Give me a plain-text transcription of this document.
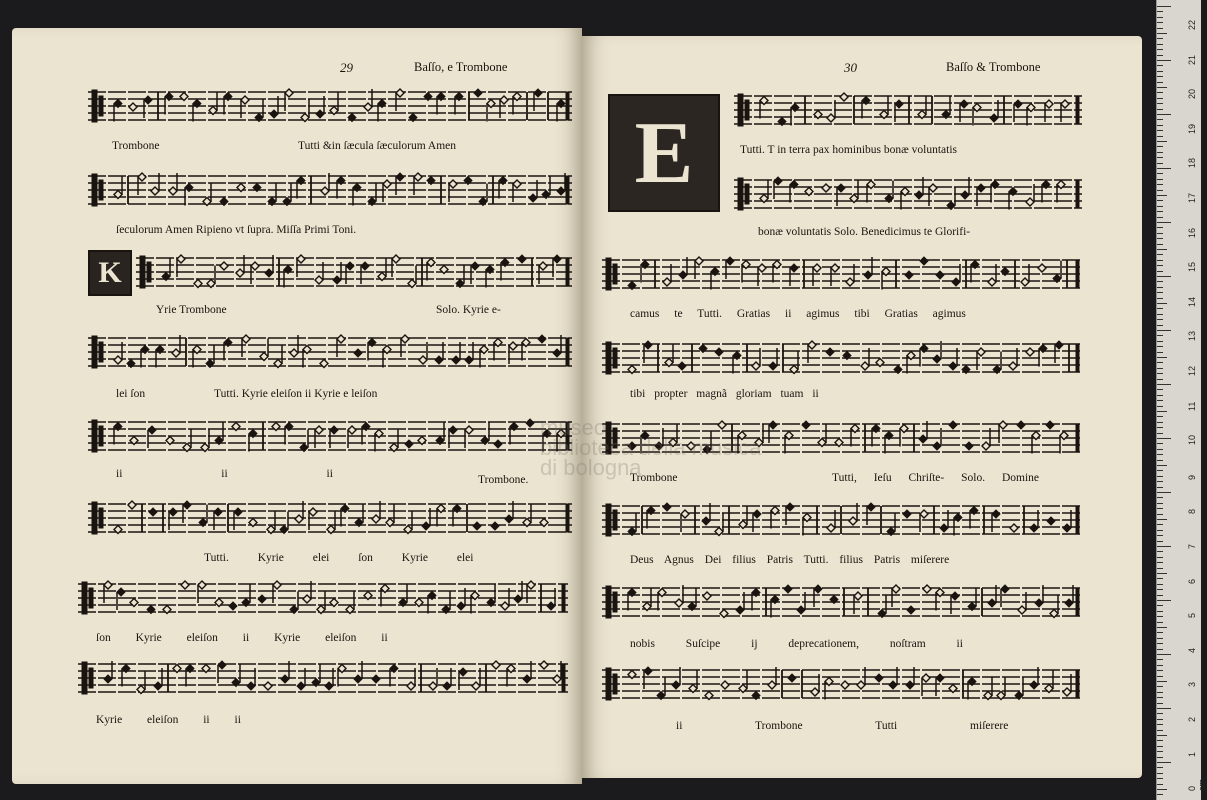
29	Baſſo, e Trombone
Trombone	Tutti &in ſæcula ſæculorum Amen
ſeculorum Amen Ripieno vt ſupra. Miſſa Primi Toni.
K
Yrie Trombone	Solo. Kyrie e-
lei ſon	Tutti. Kyrie eleiſon ii Kyrie e leiſon
ii ii ii	Trombone.
Tutti. Kyrie elei ſon Kyrie elei
ſon Kyrie eleiſon ii Kyrie eleiſon ii
Kyrie eleiſon ii ii
30	Baſſo & Trombone
E	Tutti. T in terra pax hominibus bonæ voluntatis
bonæ voluntatis Solo. Benedicimus te Glorifi-
camus te Tutti. Gratias ii agimus tibi Gratias agimus
tibi propter magnã gloriam tuam ii
Trombone	Tutti, Ieſu Chriſte- Solo. Domine
Deus Agnus Dei filius Patris Tutti. filius Patris miſerere
nobis Suſcipe ij deprecationem, noſtram ii
ii Trombone Tutti miſerere
museo
biblioteca della musica
di bologna
22
21
20
19
18
17
16
15
14
13
12
11
10
9
8
7
6
5
4
3
2
1
0 cm
